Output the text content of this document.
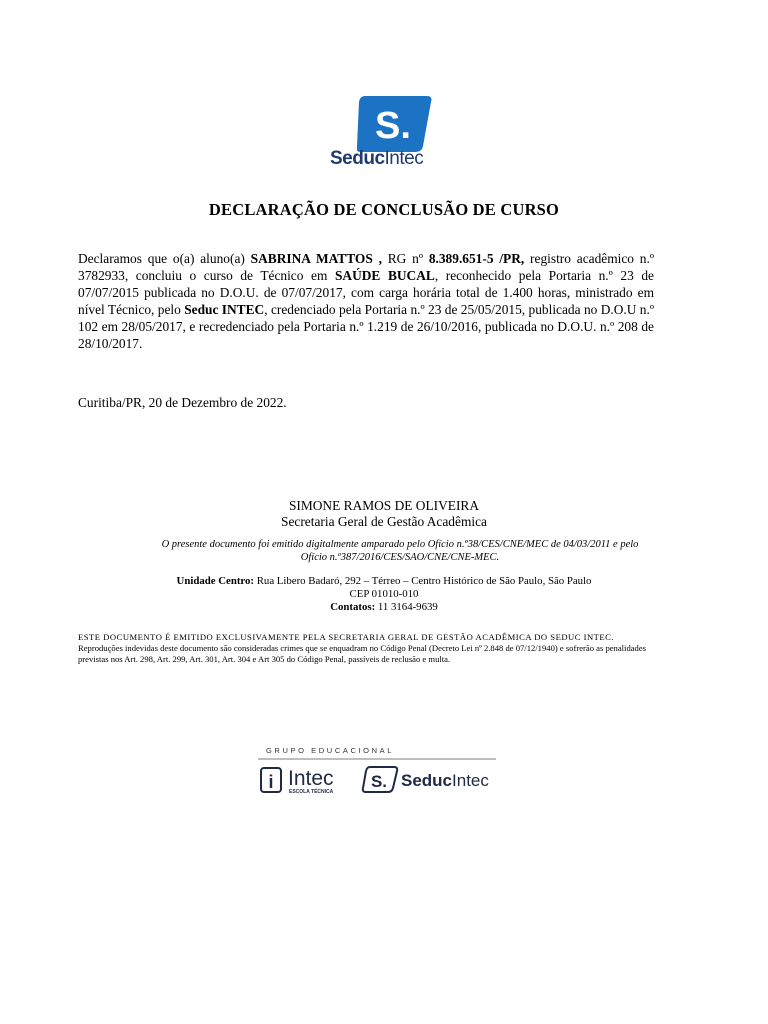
S.
SeducIntec
DECLARAÇÃO DE CONCLUSÃO DE CURSO
Declaramos que o(a) aluno(a) SABRINA MATTOS , RG nº 8.389.651-5 /PR, registro acadêmico n.º 3782933, concluiu o curso de Técnico em SAÚDE BUCAL, reconhecido pela Portaria n.º 23 de 07/07/2015 publicada no D.O.U. de 07/07/2017, com carga horária total de 1.400 horas, ministrado em nível Técnico, pelo Seduc INTEC, credenciado pela Portaria n.º 23 de 25/05/2015, publicada no D.O.U n.º 102 em 28/05/2017, e recredenciado pela Portaria n.º 1.219 de 26/10/2016, publicada no D.O.U. n.º 208 de 28/10/2017.
Curitiba/PR, 20 de Dezembro de 2022.
SIMONE RAMOS DE OLIVEIRA
Secretaria Geral de Gestão Acadêmica
O presente documento foi emitido digitalmente amparado pelo Ofício n.º38/CES/CNE/MEC de 04/03/2011 e pelo Ofício n.º387/2016/CES/SAO/CNE/CNE-MEC.
Unidade Centro: Rua Libero Badaró, 292 – Térreo – Centro Histórico de São Paulo, São Paulo
CEP 01010-010
Contatos: 11 3164-9639
ESTE DOCUMENTO É EMITIDO EXCLUSIVAMENTE PELA SECRETARIA GERAL DE GESTÃO ACADÊMICA DO SEDUC INTEC.
Reproduções indevidas deste documento são consideradas crimes que se enquadram no Código Penal (Decreto Lei nº 2.848 de 07/12/1940) e sofrerão as penalidades previstas nos Art. 298, Art. 299, Art. 301, Art. 304 e Art 305 do Código Penal, passíveis de reclusão e multa.
GRUPO EDUCACIONAL
i Intec
ESCOLA TÉCNICA
S. SeducIntec
